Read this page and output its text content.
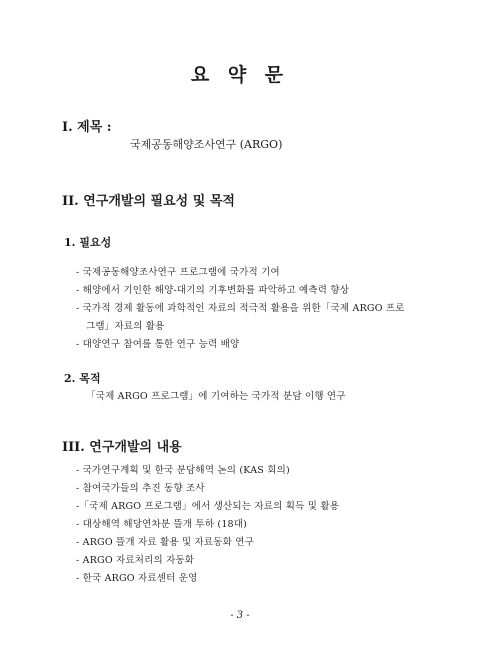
요 약 문
I. 제목 :
국제공동해양조사연구 (ARGO)
II. 연구개발의 필요성 및 목적
1. 필요성
- 국제공동해양조사연구 프로그램에 국가적 기여
- 해양에서 기인한 해양-대기의 기후변화를 파악하고 예측력 향상
- 국가적 경제 활동에 과학적인 자료의 적극적 활용을 위한「국제 ARGO 프로
그램」자료의 활용
- 대양연구 참여를 통한 연구 능력 배양
2. 목적
「국제 ARGO 프로그램」에 기여하는 국가적 분담 이행 연구
III. 연구개발의 내용
- 국가연구계획 및 한국 분담해역 논의 (KAS 회의)
- 참여국가들의 추진 동향 조사
-「국제 ARGO 프로그램」에서 생산되는 자료의 획득 및 활용
- 대상해역 해당연차분 뜰개 투하 (18대)
- ARGO 뜰개 자료 활용 및 자료동화 연구
- ARGO 자료처리의 자동화
- 한국 ARGO 자료센터 운영
- 3 -
